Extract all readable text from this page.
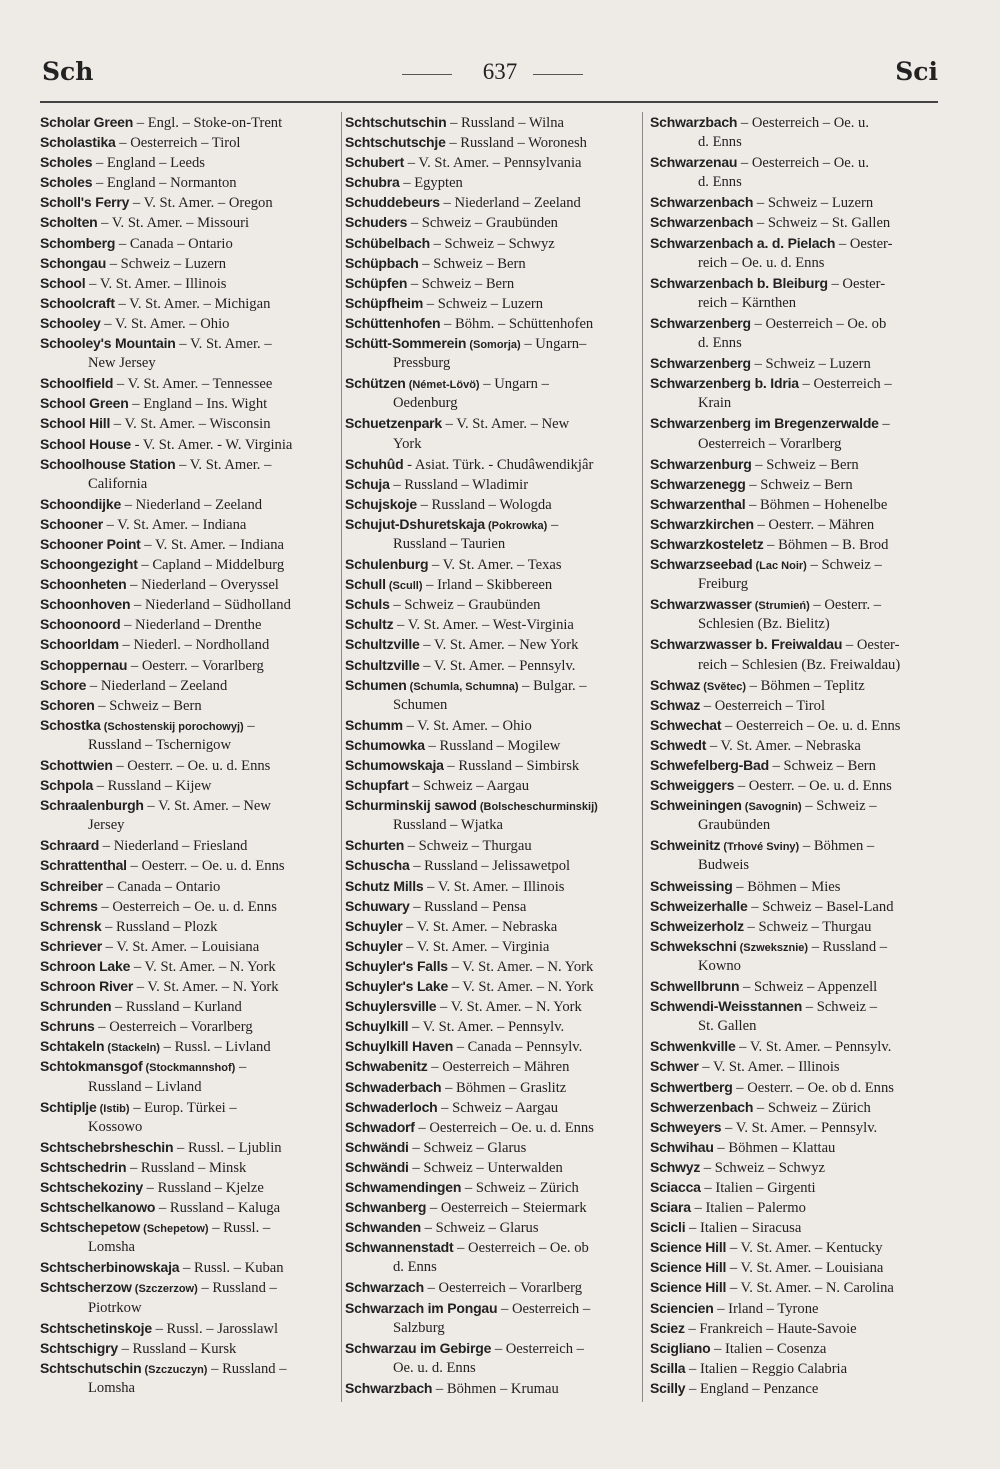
Sch	637	Sci
Scholar Green – Engl. – Stoke-on-Trent
Scholastika – Oesterreich – Tirol
Scholes – England – Leeds
Scholes – England – Normanton
Scholl's Ferry – V. St. Amer. – Oregon
Scholten – V. St. Amer. – Missouri
Schomberg – Canada – Ontario
Schongau – Schweiz – Luzern
School – V. St. Amer. – Illinois
Schoolcraft – V. St. Amer. – Michigan
Schooley – V. St. Amer. – Ohio
Schooley's Mountain – V. St. Amer. –
New Jersey
Schoolfield – V. St. Amer. – Tennessee
School Green – England – Ins. Wight
School Hill – V. St. Amer. – Wisconsin
School House - V. St. Amer. - W. Virginia
Schoolhouse Station – V. St. Amer. –
California
Schoondijke – Niederland – Zeeland
Schooner – V. St. Amer. – Indiana
Schooner Point – V. St. Amer. – Indiana
Schoongezight – Capland – Middelburg
Schoonheten – Niederland – Overyssel
Schoonhoven – Niederland – Südholland
Schoonoord – Niederland – Drenthe
Schoorldam – Niederl. – Nordholland
Schoppernau – Oesterr. – Vorarlberg
Schore – Niederland – Zeeland
Schoren – Schweiz – Bern
Schostka (Schostenskij porochowyj) –
Russland – Tschernigow
Schottwien – Oesterr. – Oe. u. d. Enns
Schpola – Russland – Kijew
Schraalenburgh – V. St. Amer. – New
Jersey
Schraard – Niederland – Friesland
Schrattenthal – Oesterr. – Oe. u. d. Enns
Schreiber – Canada – Ontario
Schrems – Oesterreich – Oe. u. d. Enns
Schrensk – Russland – Plozk
Schriever – V. St. Amer. – Louisiana
Schroon Lake – V. St. Amer. – N. York
Schroon River – V. St. Amer. – N. York
Schrunden – Russland – Kurland
Schruns – Oesterreich – Vorarlberg
Schtakeln (Stackeln) – Russl. – Livland
Schtokmansgof (Stockmannshof) –
Russland – Livland
Schtiplje (Istib) – Europ. Türkei –
Kossowo
Schtschebrsheschin – Russl. – Ljublin
Schtschedrin – Russland – Minsk
Schtschekoziny – Russland – Kjelze
Schtschelkanowo – Russland – Kaluga
Schtschepetow (Schepetow) – Russl. –
Lomsha
Schtscherbinowskaja – Russl. – Kuban
Schtscherzow (Szczerzow) – Russland –
Piotrkow
Schtschetinskoje – Russl. – Jarosslawl
Schtschigry – Russland – Kursk
Schtschutschin (Szczuczyn) – Russland –
Lomsha
Schtschutschin – Russland – Wilna
Schtschutschje – Russland – Woronesh
Schubert – V. St. Amer. – Pennsylvania
Schubra – Egypten
Schuddebeurs – Niederland – Zeeland
Schuders – Schweiz – Graubünden
Schübelbach – Schweiz – Schwyz
Schüpbach – Schweiz – Bern
Schüpfen – Schweiz – Bern
Schüpfheim – Schweiz – Luzern
Schüttenhofen – Böhm. – Schüttenhofen
Schütt-Sommerein (Somorja) – Ungarn–
Pressburg
Schützen (Német-Lövö) – Ungarn –
Oedenburg
Schuetzenpark – V. St. Amer. – New
York
Schuhûd - Asiat. Türk. - Chudâwendikjâr
Schuja – Russland – Wladimir
Schujskoje – Russland – Wologda
Schujut-Dshuretskaja (Pokrowka) –
Russland – Taurien
Schulenburg – V. St. Amer. – Texas
Schull (Scull) – Irland – Skibbereen
Schuls – Schweiz – Graubünden
Schultz – V. St. Amer. – West-Virginia
Schultzville – V. St. Amer. – New York
Schultzville – V. St. Amer. – Pennsylv.
Schumen (Schumla, Schumna) – Bulgar. –
Schumen
Schumm – V. St. Amer. – Ohio
Schumowka – Russland – Mogilew
Schumowskaja – Russland – Simbirsk
Schupfart – Schweiz – Aargau
Schurminskij sawod (Bolscheschurminskij)
Russland – Wjatka
Schurten – Schweiz – Thurgau
Schuscha – Russland – Jelissawetpol
Schutz Mills – V. St. Amer. – Illinois
Schuwary – Russland – Pensa
Schuyler – V. St. Amer. – Nebraska
Schuyler – V. St. Amer. – Virginia
Schuyler's Falls – V. St. Amer. – N. York
Schuyler's Lake – V. St. Amer. – N. York
Schuylersville – V. St. Amer. – N. York
Schuylkill – V. St. Amer. – Pennsylv.
Schuylkill Haven – Canada – Pennsylv.
Schwabenitz – Oesterreich – Mähren
Schwaderbach – Böhmen – Graslitz
Schwaderloch – Schweiz – Aargau
Schwadorf – Oesterreich – Oe. u. d. Enns
Schwändi – Schweiz – Glarus
Schwändi – Schweiz – Unterwalden
Schwamendingen – Schweiz – Zürich
Schwanberg – Oesterreich – Steiermark
Schwanden – Schweiz – Glarus
Schwannenstadt – Oesterreich – Oe. ob
d. Enns
Schwarzach – Oesterreich – Vorarlberg
Schwarzach im Pongau – Oesterreich –
Salzburg
Schwarzau im Gebirge – Oesterreich –
Oe. u. d. Enns
Schwarzbach – Böhmen – Krumau
Schwarzbach – Oesterreich – Oe. u.
d. Enns
Schwarzenau – Oesterreich – Oe. u.
d. Enns
Schwarzenbach – Schweiz – Luzern
Schwarzenbach – Schweiz – St. Gallen
Schwarzenbach a. d. Pielach – Oester-
reich – Oe. u. d. Enns
Schwarzenbach b. Bleiburg – Oester-
reich – Kärnthen
Schwarzenberg – Oesterreich – Oe. ob
d. Enns
Schwarzenberg – Schweiz – Luzern
Schwarzenberg b. Idria – Oesterreich –
Krain
Schwarzenberg im Bregenzerwalde –
Oesterreich – Vorarlberg
Schwarzenburg – Schweiz – Bern
Schwarzenegg – Schweiz – Bern
Schwarzenthal – Böhmen – Hohenelbe
Schwarzkirchen – Oesterr. – Mähren
Schwarzkosteletz – Böhmen – B. Brod
Schwarzseebad (Lac Noir) – Schweiz –
Freiburg
Schwarzwasser (Strumień) – Oesterr. –
Schlesien (Bz. Bielitz)
Schwarzwasser b. Freiwaldau – Oester-
reich – Schlesien (Bz. Freiwaldau)
Schwaz (Světec) – Böhmen – Teplitz
Schwaz – Oesterreich – Tirol
Schwechat – Oesterreich – Oe. u. d. Enns
Schwedt – V. St. Amer. – Nebraska
Schwefelberg-Bad – Schweiz – Bern
Schweiggers – Oesterr. – Oe. u. d. Enns
Schweiningen (Savognin) – Schweiz –
Graubünden
Schweinitz (Trhové Sviny) – Böhmen –
Budweis
Schweissing – Böhmen – Mies
Schweizerhalle – Schweiz – Basel-Land
Schweizerholz – Schweiz – Thurgau
Schwekschni (Szweksznie) – Russland –
Kowno
Schwellbrunn – Schweiz – Appenzell
Schwendi-Weisstannen – Schweiz –
St. Gallen
Schwenkville – V. St. Amer. – Pennsylv.
Schwer – V. St. Amer. – Illinois
Schwertberg – Oesterr. – Oe. ob d. Enns
Schwerzenbach – Schweiz – Zürich
Schweyers – V. St. Amer. – Pennsylv.
Schwihau – Böhmen – Klattau
Schwyz – Schweiz – Schwyz
Sciacca – Italien – Girgenti
Sciara – Italien – Palermo
Scicli – Italien – Siracusa
Science Hill – V. St. Amer. – Kentucky
Science Hill – V. St. Amer. – Louisiana
Science Hill – V. St. Amer. – N. Carolina
Sciencien – Irland – Tyrone
Sciez – Frankreich – Haute-Savoie
Scigliano – Italien – Cosenza
Scilla – Italien – Reggio Calabria
Scilly – England – Penzance
